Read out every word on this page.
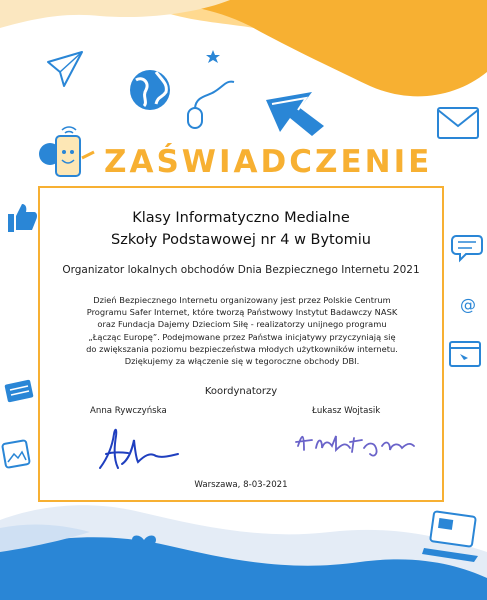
@
ZAŚWIADCZENIE
Klasy Informatyczno Medialne
Szkoły Podstawowej nr 4 w Bytomiu
Organizator lokalnych obchodów Dnia Bezpiecznego Internetu 2021
Dzień Bezpiecznego Internetu organizowany jest przez Polskie Centrum
Programu Safer Internet, które tworzą Państwowy Instytut Badawczy NASK
oraz Fundacja Dajemy Dzieciom Siłę - realizatorzy unijnego programu
„Łącząc Europę”. Podejmowane przez Państwa inicjatywy przyczyniają się
do zwiększania poziomu bezpieczeństwa młodych użytkowników internetu.
Dziękujemy za włączenie się w tegoroczne obchody DBI.
Koordynatorzy
Anna Rywczyńska	Łukasz Wojtasik
Warszawa, 8-03-2021
